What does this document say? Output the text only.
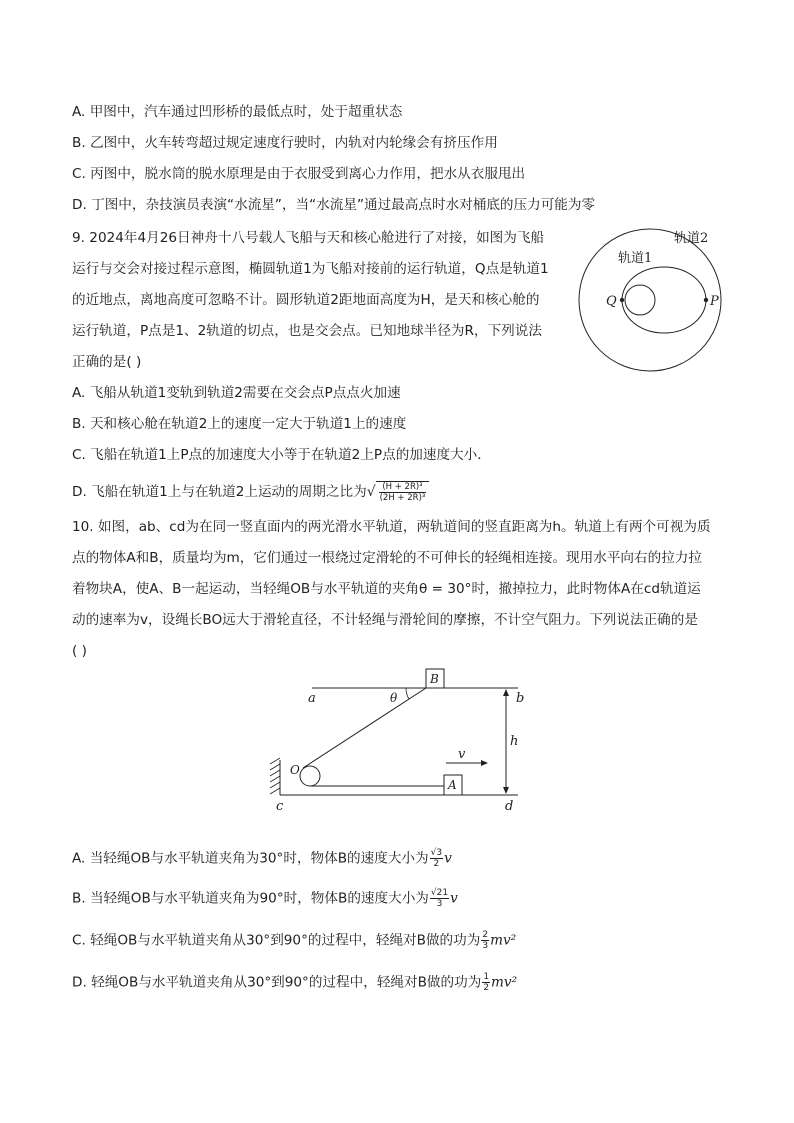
A. 甲图中，汽车通过凹形桥的最低点时，处于超重状态
B. 乙图中，火车转弯超过规定速度行驶时，内轨对内轮缘会有挤压作用
C. 丙图中，脱水筒的脱水原理是由于衣服受到离心力作用，把水从衣服甩出
D. 丁图中，杂技演员表演“水流星”，当“水流星”通过最高点时水对桶底的压力可能为零
9. 2024年4月26日神舟十八号载人飞船与天和核心舱进行了对接，如图为飞船
运行与交会对接过程示意图，椭圆轨道1为飞船对接前的运行轨道，Q点是轨道1
的近地点，离地高度可忽略不计。圆形轨道2距地面高度为H，是天和核心舱的
运行轨道，P点是1、2轨道的切点，也是交会点。已知地球半径为R，下列说法
正确的是( )
轨道2
轨道1
Q	P
A. 飞船从轨道1变轨到轨道2需要在交会点P点点火加速
B. 天和核心舱在轨道2上的速度一定大于轨道1上的速度
C. 飞船在轨道1上P点的加速度大小等于在轨道2上P点的加速度大小．
D. 飞船在轨道1上与在轨道2上运动的周期之比为√ $\frac{\text{(H + 2R)³}}{\text{(2H + 2R)³}}$
10. 如图，ab、cd为在同一竖直面内的两光滑水平轨道，两轨道间的竖直距离为h。轨道上有两个可视为质
点的物体A和B，质量均为m，它们通过一根绕过定滑轮的不可伸长的轻绳相连接。现用水平向右的拉力拉
着物块A，使A、B一起运动，当轻绳OB与水平轨道的夹角θ = 30°时，撤掉拉力，此时物体A在cd轨道运
动的速率为v，设绳长BO远大于滑轮直径，不计轻绳与滑轮间的摩擦，不计空气阻力。下列说法正确的是
( )
a	b
c	d
B
A
O
h
v
θ
A. 当轻绳OB与水平轨道夹角为30°时，物体B的速度大小为 $\frac{√3}{2}$ v
B. 当轻绳OB与水平轨道夹角为90°时，物体B的速度大小为 $\frac{√21}{3}$ v
C. 轻绳OB与水平轨道夹角从30°到90°的过程中，轻绳对B做的功为 $\frac{2}{3} mv^2$
D. 轻绳OB与水平轨道夹角从30°到90°的过程中，轻绳对B做的功为 $\frac{1}{2} mv^2$
